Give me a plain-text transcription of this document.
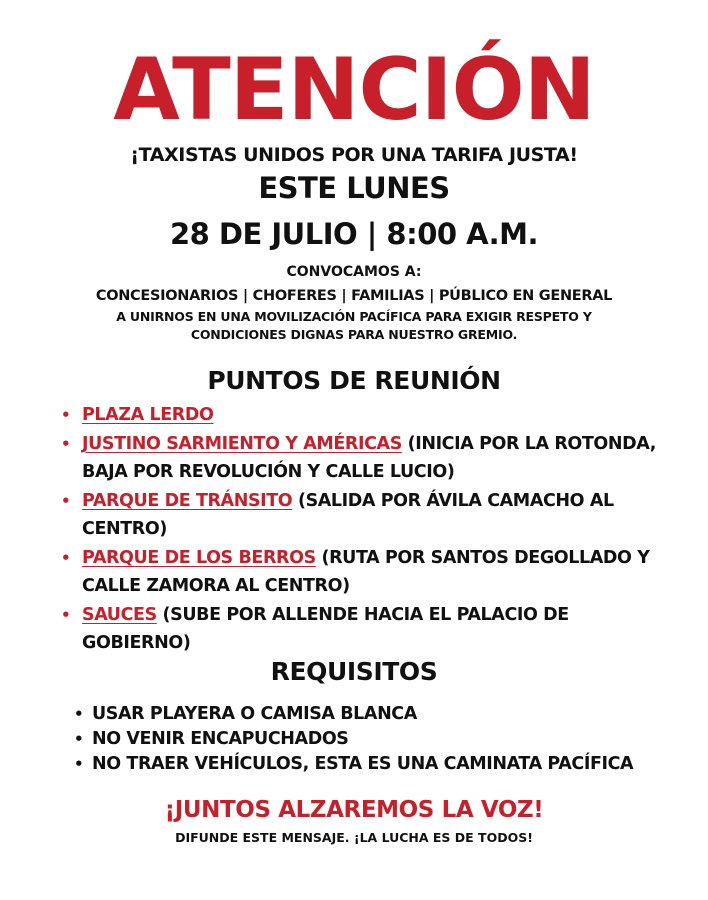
ATENCIÓN
¡TAXISTAS UNIDOS POR UNA TARIFA JUSTA!
ESTE LUNES
28 DE JULIO | 8:00 A.M.
CONVOCAMOS A:
CONCESIONARIOS | CHOFERES | FAMILIAS | PÚBLICO EN GENERAL
A UNIRNOS EN UNA MOVILIZACIÓN PACÍFICA PARA EXIGIR RESPETO Y
CONDICIONES DIGNAS PARA NUESTRO GREMIO.
PUNTOS DE REUNIÓN
• PLAZA LERDO
• JUSTINO SARMIENTO Y AMÉRICAS (INICIA POR LA ROTONDA, BAJA POR REVOLUCIÓN Y CALLE LUCIO)
• PARQUE DE TRÁNSITO (SALIDA POR ÁVILA CAMACHO AL CENTRO)
• PARQUE DE LOS BERROS (RUTA POR SANTOS DEGOLLADO Y CALLE ZAMORA AL CENTRO)
• SAUCES (SUBE POR ALLENDE HACIA EL PALACIO DE GOBIERNO)
REQUISITOS
• USAR PLAYERA O CAMISA BLANCA
• NO VENIR ENCAPUCHADOS
• NO TRAER VEHÍCULOS, ESTA ES UNA CAMINATA PACÍFICA
¡JUNTOS ALZAREMOS LA VOZ!
DIFUNDE ESTE MENSAJE. ¡LA LUCHA ES DE TODOS!
